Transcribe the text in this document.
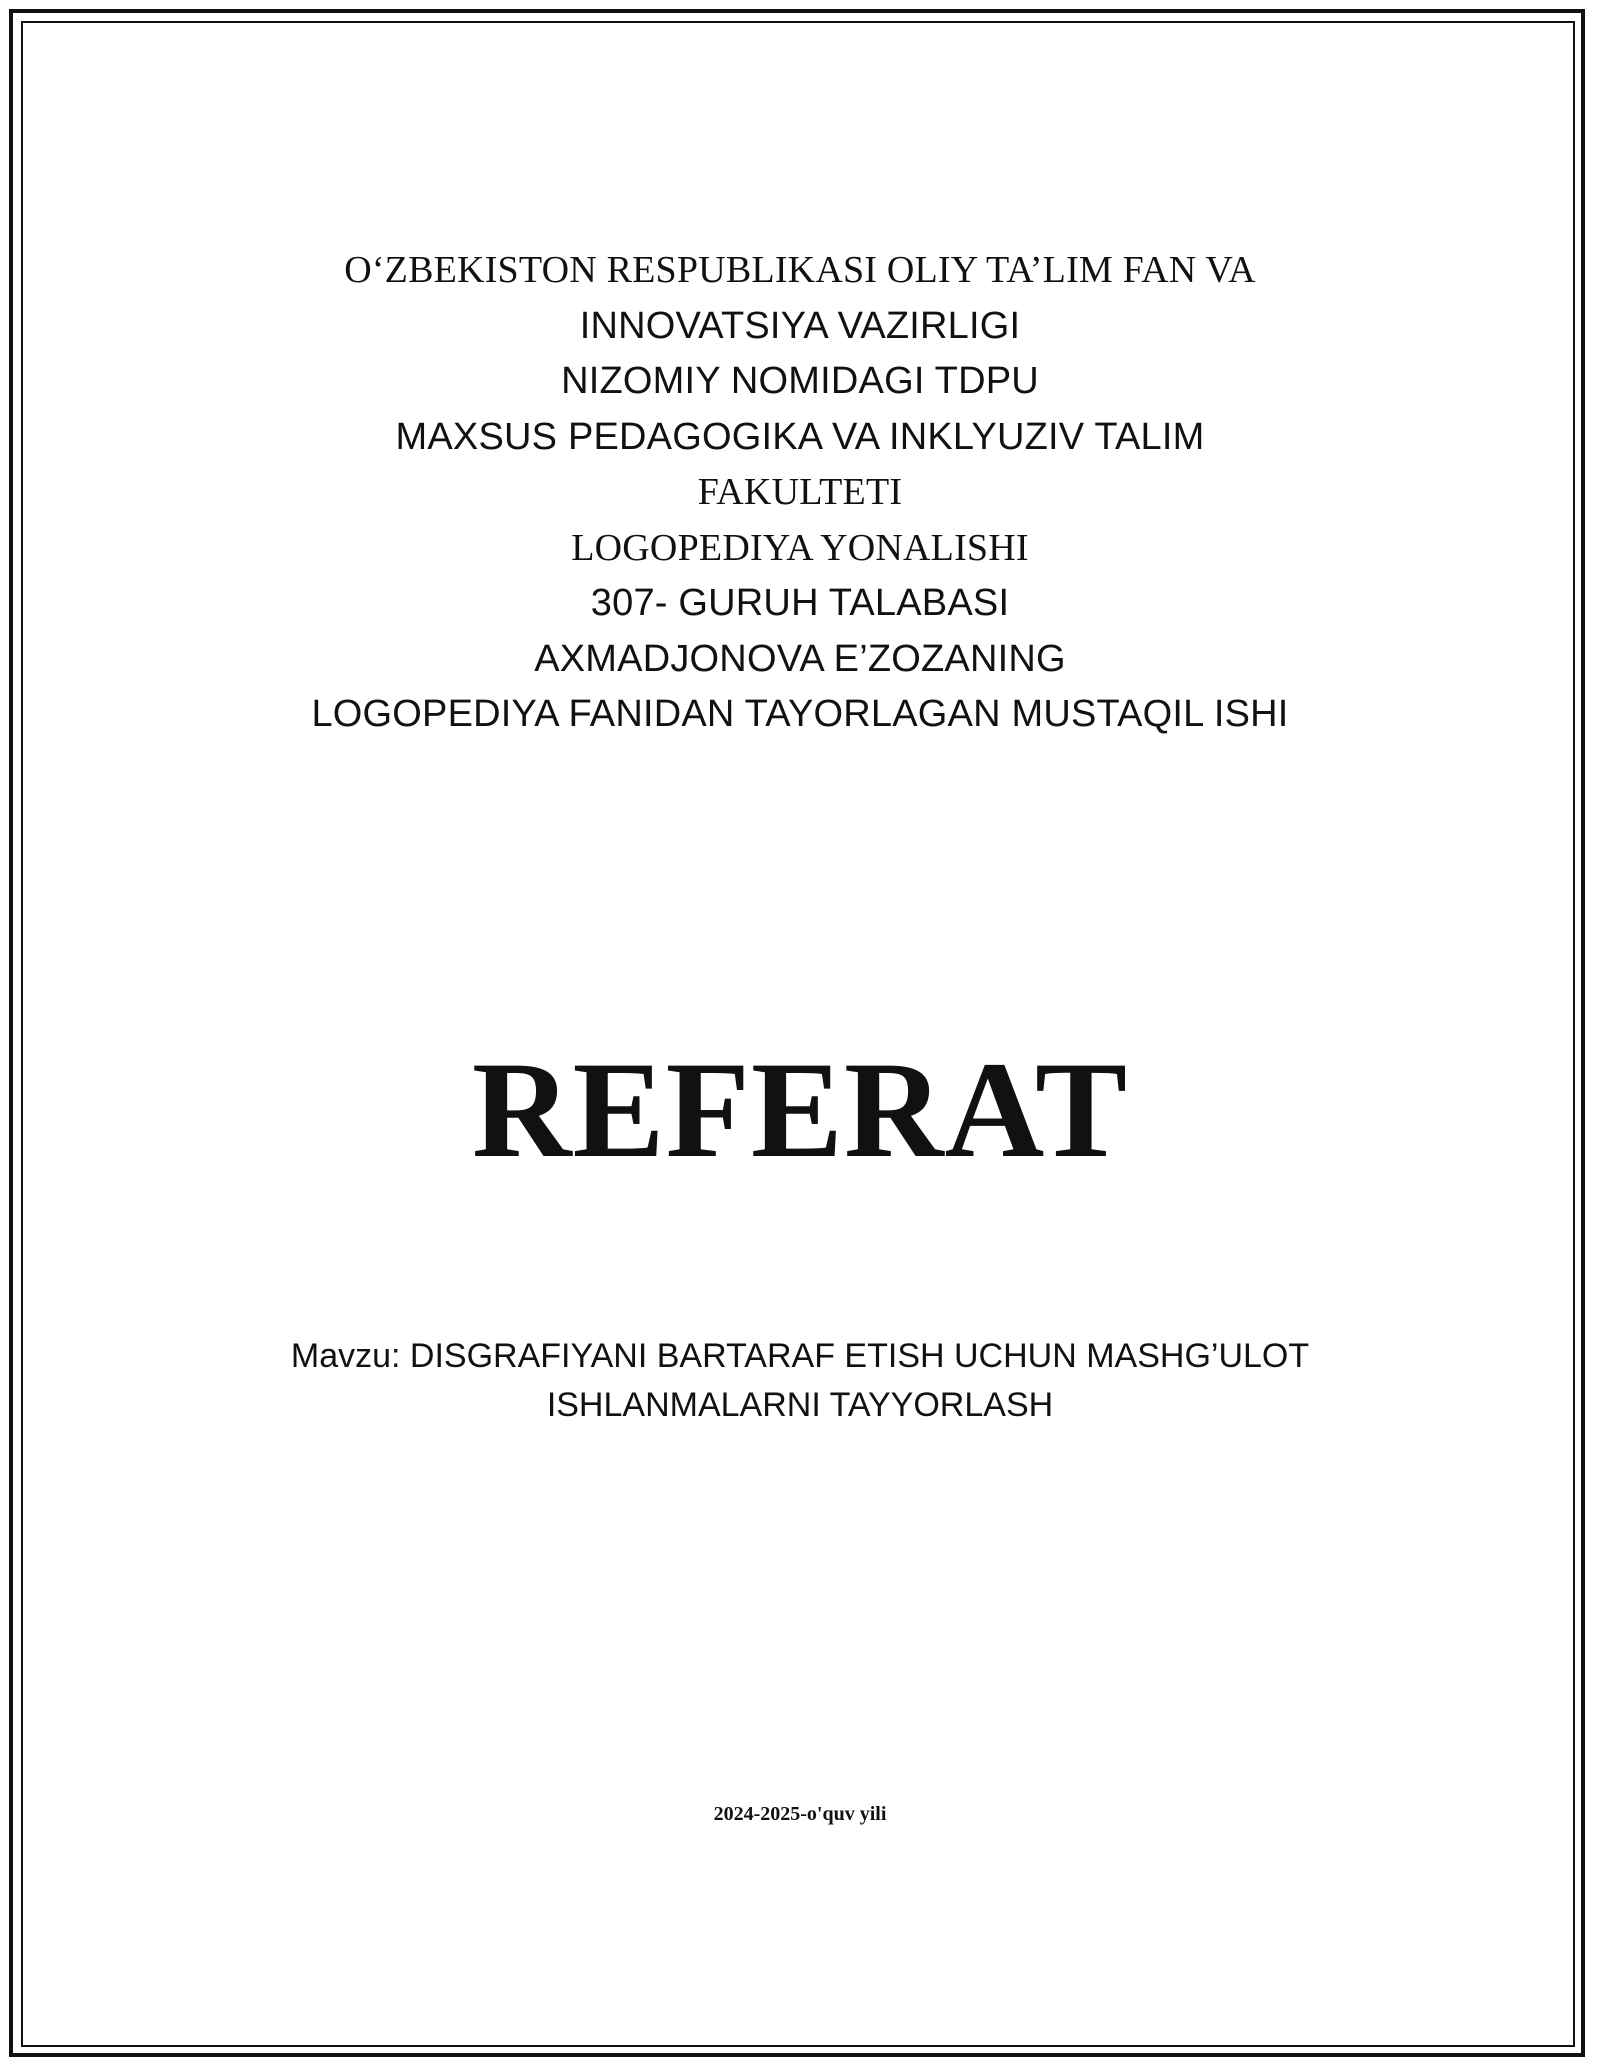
O‘ZBEKISTON RESPUBLIKASI OLIY TA’LIM FAN VA
INNOVATSIYA VAZIRLIGI
NIZOMIY NOMIDAGI TDPU
MAXSUS PEDAGOGIKA VA INKLYUZIV TALIM
FAKULTETI
LOGOPEDIYA YONALISHI
307- GURUH TALABASI
AXMADJONOVA E’ZOZANING
LOGOPEDIYA FANIDAN TAYORLAGAN MUSTAQIL ISHI
REFERAT
Mavzu: DISGRAFIYANI BARTARAF ETISH UCHUN MASHG’ULOT
ISHLANMALARNI TAYYORLASH
2024-2025-o'quv yili
